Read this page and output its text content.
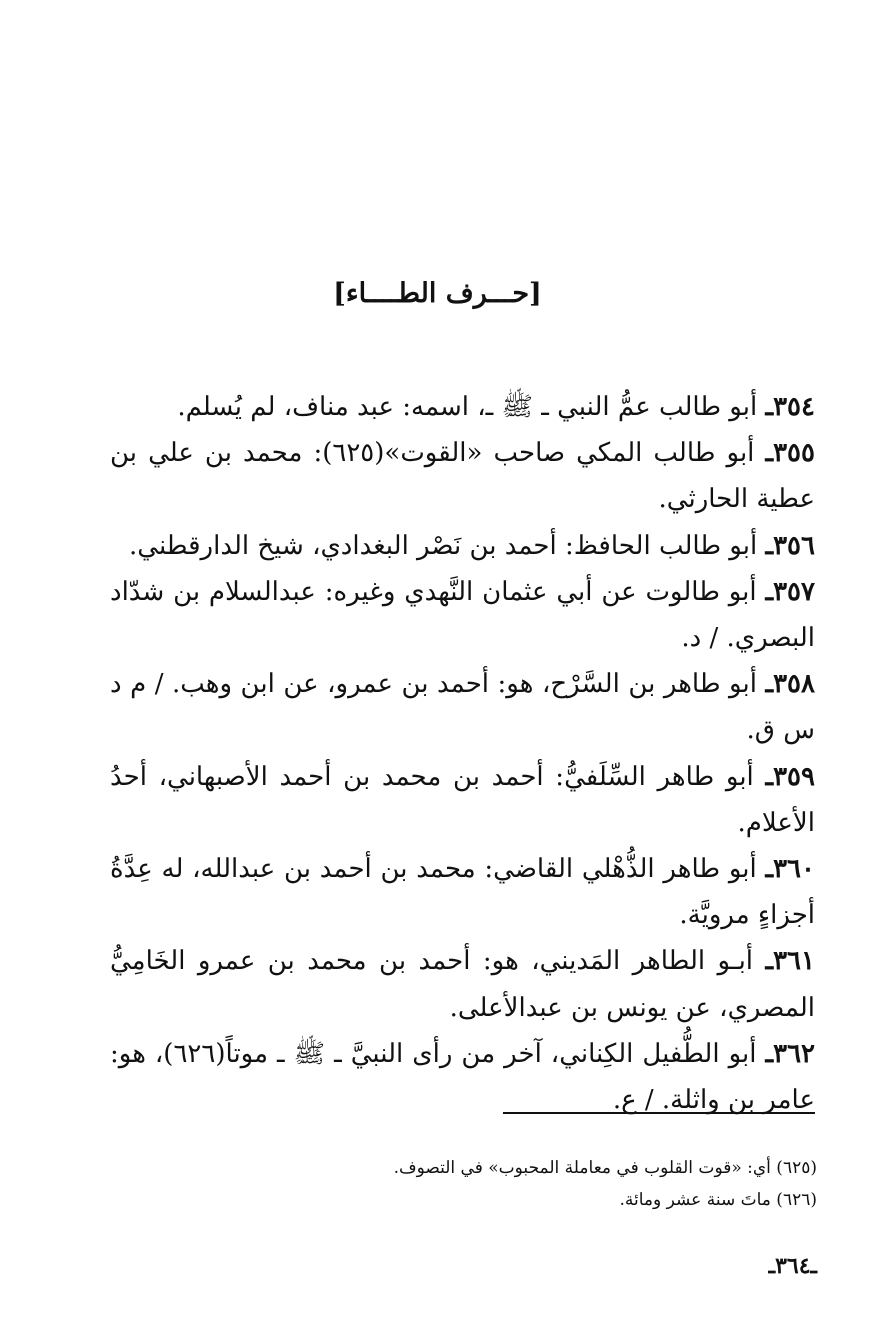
[حـــرف الطــــاء]

٣٥٤ـ أبو طالب عمُّ النبي ـ ﷺ ـ، اسمه: عبد مناف، لم يُسلم.

٣٥٥ـ أبو طالب المكي صاحب «القوت»(٦٢٥): محمد بن علي بن عطية الحارثي.

٣٥٦ـ أبو طالب الحافظ: أحمد بن نَصْر البغدادي، شيخ الدارقطني.

٣٥٧ـ أبو طالوت عن أبي عثمان النَّهدي وغيره: عبدالسلام بن شدّاد البصري. / د.

٣٥٨ـ أبو طاهر بن السَّرْح، هو: أحمد بن عمرو، عن ابن وهب. / م د س ق.

٣٥٩ـ أبو طاهر السِّلَفيُّ: أحمد بن محمد بن أحمد الأصبهاني، أحدُ الأعلام.

٣٦٠ـ أبو طاهر الذُّهْلي القاضي: محمد بن أحمد بن عبدالله، له عِدَّةُ أجزاءٍ مرويَّة.

٣٦١ـ أبـو الطاهر المَديني، هو: أحمد بن محمد بن عمرو الخَامِيُّ المصري، عن يونس بن عبدالأعلى.

٣٦٢ـ أبو الطُّفيل الكِناني، آخر من رأى النبيَّ ـ ﷺ ـ موتاً(٦٢٦)، هو: عامر بن واثلة. / ع.

(٦٢٥) أي: «قوت القلوب في معاملة المحبوب» في التصوف.

(٦٢٦) ماتَ سنة عشر ومائة.

ـ٣٦٤ـ
